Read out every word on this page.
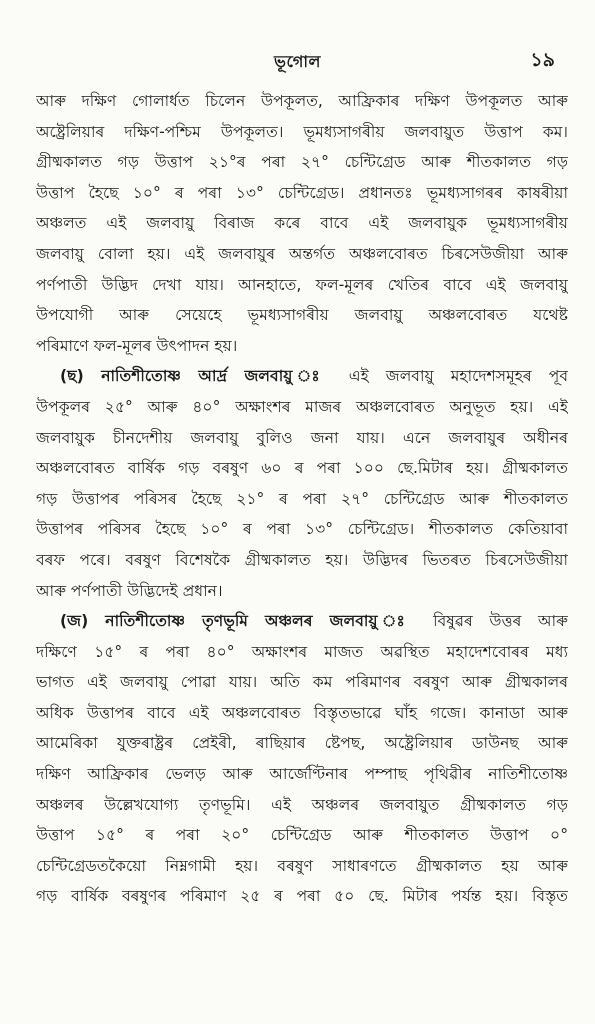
ভূগোল	১৯
আৰু দক্ষিণ গোলাৰ্ধত চিলেন উপকূলত, আফ্ৰিকাৰ দক্ষিণ উপকূলত আৰু
অষ্ট্ৰেলিয়াৰ দক্ষিণ-পশ্চিম উপকূলত। ভূমধ্যসাগৰীয় জলবায়ুত উত্তাপ কম।
গ্ৰীষ্মকালত গড় উত্তাপ ২১°ৰ পৰা ২৭° চেন্টিগ্ৰেড আৰু শীতকালত গড়
উত্তাপ হৈছে ১০° ৰ পৰা ১৩° চেন্টিগ্ৰেড। প্ৰধানতঃ ভূমধ্যসাগৰৰ কাষৰীয়া
অঞ্চলত এই জলবায়ু বিৰাজ কৰে বাবে এই জলবায়ুক ভূমধ্যসাগৰীয়
জলবায়ু বোলা হয়। এই জলবায়ুৰ অন্তৰ্গত অঞ্চলবোৰত চিৰসেউজীয়া আৰু
পৰ্ণপাতী উদ্ভিদ দেখা যায়। আনহাতে, ফল-মূলৰ খেতিৰ বাবে এই জলবায়ু
উপযোগী আৰু সেয়েহে ভূমধ্যসাগৰীয় জলবায়ু অঞ্চলবোৰত যথেষ্ট
পৰিমাণে ফল-মূলৰ উৎপাদন হয়।
(ছ) নাতিশীতোষ্ণ আৰ্দ্ৰ জলবায়ু ঃ এই জলবায়ু মহাদেশসমূহৰ পূব
উপকূলৰ ২৫° আৰু ৪০° অক্ষাংশৰ মাজৰ অঞ্চলবোৰত অনুভূত হয়। এই
জলবায়ুক চীনদেশীয় জলবায়ু বুলিও জনা যায়। এনে জলবায়ুৰ অধীনৰ
অঞ্চলবোৰত বাৰ্ষিক গড় বৰষুণ ৬০ ৰ পৰা ১০০ ছে.মিটাৰ হয়। গ্ৰীষ্মকালত
গড় উত্তাপৰ পৰিসৰ হৈছে ২১° ৰ পৰা ২৭° চেন্টিগ্ৰেড আৰু শীতকালত
উত্তাপৰ পৰিসৰ হৈছে ১০° ৰ পৰা ১৩° চেন্টিগ্ৰেড। শীতকালত কেতিয়াবা
বৰফ পৰে। বৰষুণ বিশেষকৈ গ্ৰীষ্মকালত হয়। উদ্ভিদৰ ভিতৰত চিৰসেউজীয়া
আৰু পৰ্ণপাতী উদ্ভিদেই প্ৰধান।
(জ) নাতিশীতোষ্ণ তৃণভূমি অঞ্চলৰ জলবায়ু ঃ বিষুৱৰ উত্তৰ আৰু
দক্ষিণে ১৫° ৰ পৰা ৪০° অক্ষাংশৰ মাজত অৱস্থিত মহাদেশবোৰৰ মধ্য
ভাগত এই জলবায়ু পোৱা যায়। অতি কম পৰিমাণৰ বৰষুণ আৰু গ্ৰীষ্মকালৰ
অধিক উত্তাপৰ বাবে এই অঞ্চলবোৰত বিস্তৃতভাৱে ঘাঁহ গজে। কানাডা আৰু
আমেৰিকা যুক্তৰাষ্ট্ৰৰ প্ৰেইৰী, ৰাছিয়াৰ ষ্টেপছ, অষ্ট্ৰেলিয়াৰ ডাউনছ আৰু
দক্ষিণ আফ্ৰিকাৰ ভেলড় আৰু আৰ্জেণ্টিনাৰ পম্পাছ পৃথিৱীৰ নাতিশীতোষ্ণ
অঞ্চলৰ উল্লেখযোগ্য তৃণভূমি। এই অঞ্চলৰ জলবায়ুত গ্ৰীষ্মকালত গড়
উত্তাপ ১৫° ৰ পৰা ২০° চেন্টিগ্ৰেড আৰু শীতকালত উত্তাপ ০°
চেন্টিগ্ৰেডতকৈয়ো নিম্নগামী হয়। বৰষুণ সাধাৰণতে গ্ৰীষ্মকালত হয় আৰু
গড় বাৰ্ষিক বৰষুণৰ পৰিমাণ ২৫ ৰ পৰা ৫০ ছে. মিটাৰ পৰ্যন্ত হয়। বিস্তৃত
